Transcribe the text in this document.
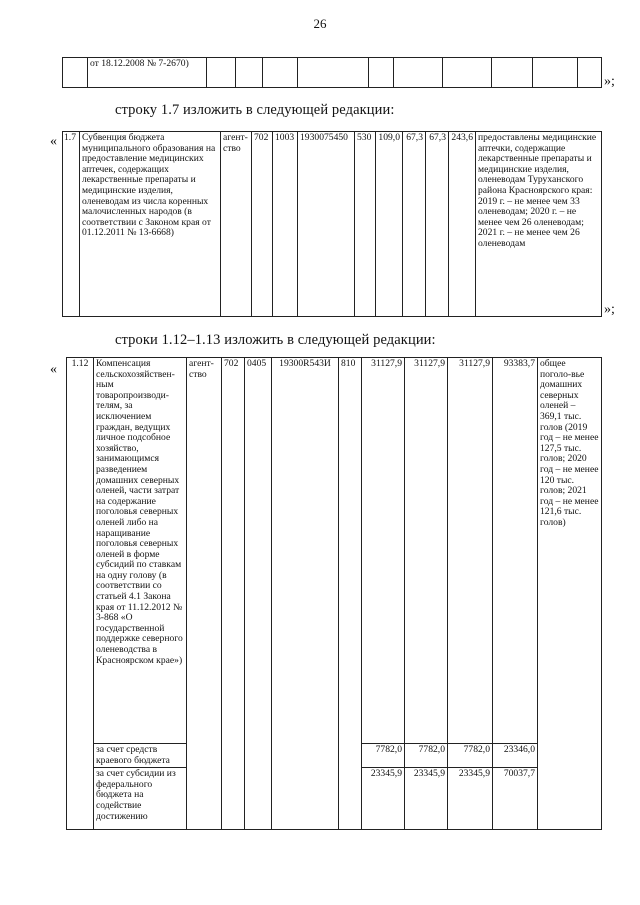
26
	от 18.12.2008 № 7-2670)										
»;
строку 1.7 изложить в следующей редакции:
« 1.7	Субвенция бюджета муниципального образования на предоставление медицинских аптечек, содержащих лекарственные препараты и медицинские изделия, оленеводам из числа коренных малочисленных народов (в соответствии с Законом края от 01.12.2011 № 13-6668)	агент-ство	702	1003	1930075450	530	109,0	67,3	67,3	243,6	предоставлены медицинские аптечки, содержащие лекарственные препараты и медицинские изделия, оленеводам Туруханского района Красноярского края: 2019 г. – не менее чем 33 оленеводам; 2020 г. – не менее чем 26 оленеводам; 2021 г. – не менее чем 26 оленеводам
»;
строки 1.12–1.13 изложить в следующей редакции:
« 1.12	Компенсация сельскохозяйствен-ным товаропроизводи-телям, за исключением граждан, ведущих личное подсобное хозяйство, занимающимся разведением домашних северных оленей, части затрат на содержание поголовья северных оленей либо на наращивание поголовья северных оленей в форме субсидий по ставкам на одну голову (в соответствии со статьей 4.1 Закона края от 11.12.2012 № 3-868 «О государственной поддержке северного оленеводства в Красноярском крае»)	агент-ство	702	0405	19300R543И	810	31127,9	31127,9	31127,9	93383,7	общее поголо-вье домашних северных оленей – 369,1 тыс. голов (2019 год – не менее 127,5 тыс. голов; 2020 год – не менее 120 тыс. голов; 2021 год – не менее 121,6 тыс. голов)
	за счет средств краевого бюджета						7782,0	7782,0	7782,0	23346,0	
	за счет субсидии из федерального бюджета на содействие достижению						23345,9	23345,9	23345,9	70037,7	
